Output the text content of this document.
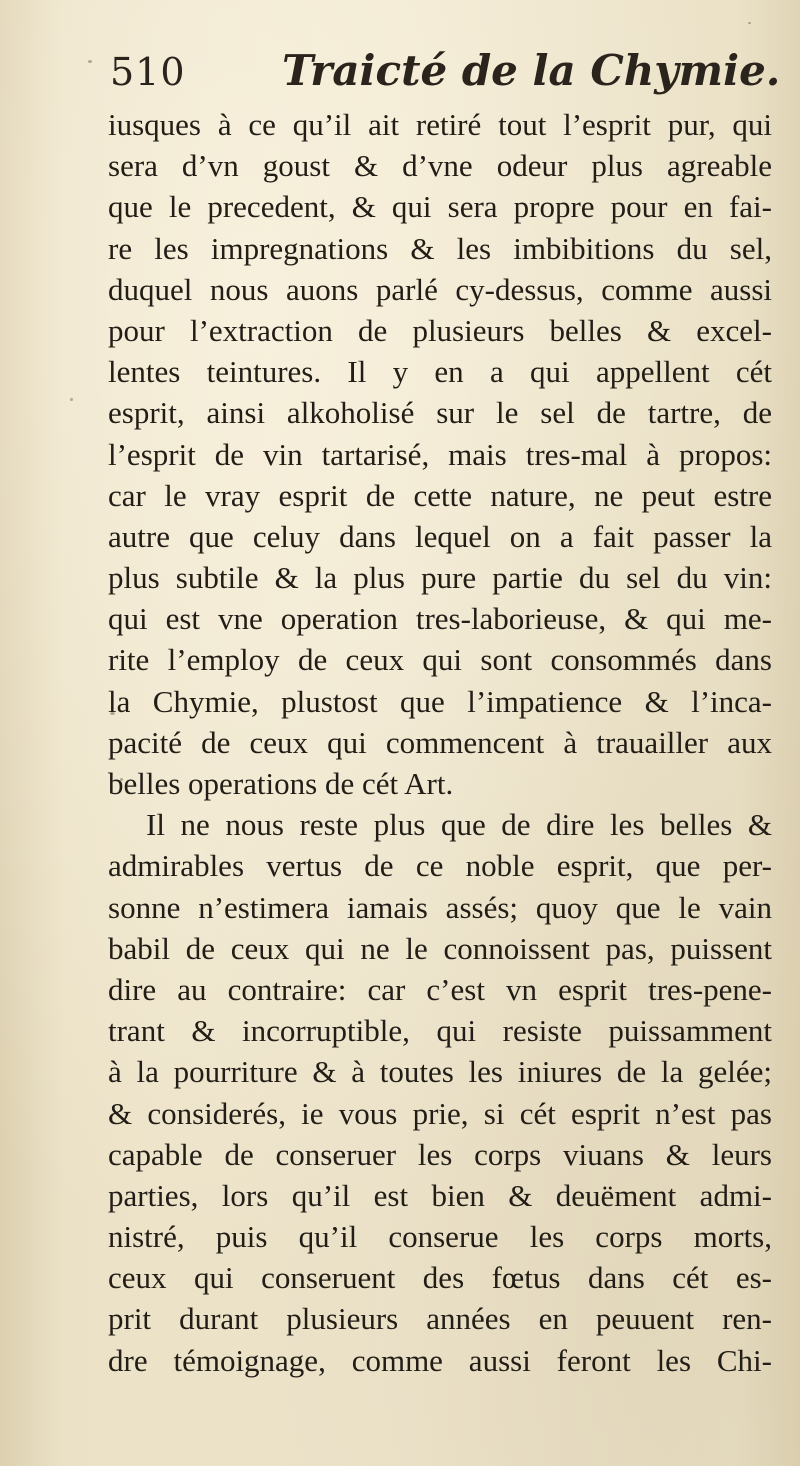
510 Traicté de la Chymie.
iusques à ce qu’il ait retiré tout l’esprit pur, qui
sera d’vn goust & d’vne odeur plus agreable
que le precedent, & qui sera propre pour en fai-
re les impregnations & les imbibitions du sel,
duquel nous auons parlé cy-dessus, comme aussi
pour l’extraction de plusieurs belles & excel-
lentes teintures. Il y en a qui appellent cét
esprit, ainsi alkoholisé sur le sel de tartre, de
l’esprit de vin tartarisé, mais tres-mal à propos:
car le vray esprit de cette nature, ne peut estre
autre que celuy dans lequel on a fait passer la
plus subtile & la plus pure partie du sel du vin:
qui est vne operation tres-laborieuse, & qui me-
rite l’employ de ceux qui sont consommés dans
la Chymie, plustost que l’impatience & l’inca-
pacité de ceux qui commencent à trauailler aux
belles operations de cét Art.
Il ne nous reste plus que de dire les belles &
admirables vertus de ce noble esprit, que per-
sonne n’estimera iamais assés; quoy que le vain
babil de ceux qui ne le connoissent pas, puissent
dire au contraire: car c’est vn esprit tres-pene-
trant & incorruptible, qui resiste puissamment
à la pourriture & à toutes les iniures de la gelée;
& considerés, ie vous prie, si cét esprit n’est pas
capable de conseruer les corps viuans & leurs
parties, lors qu’il est bien & deuëment admi-
nistré, puis qu’il conserue les corps morts,
ceux qui conseruent des fœtus dans cét es-
prit durant plusieurs années en peuuent ren-
dre témoignage, comme aussi feront les Chi-
